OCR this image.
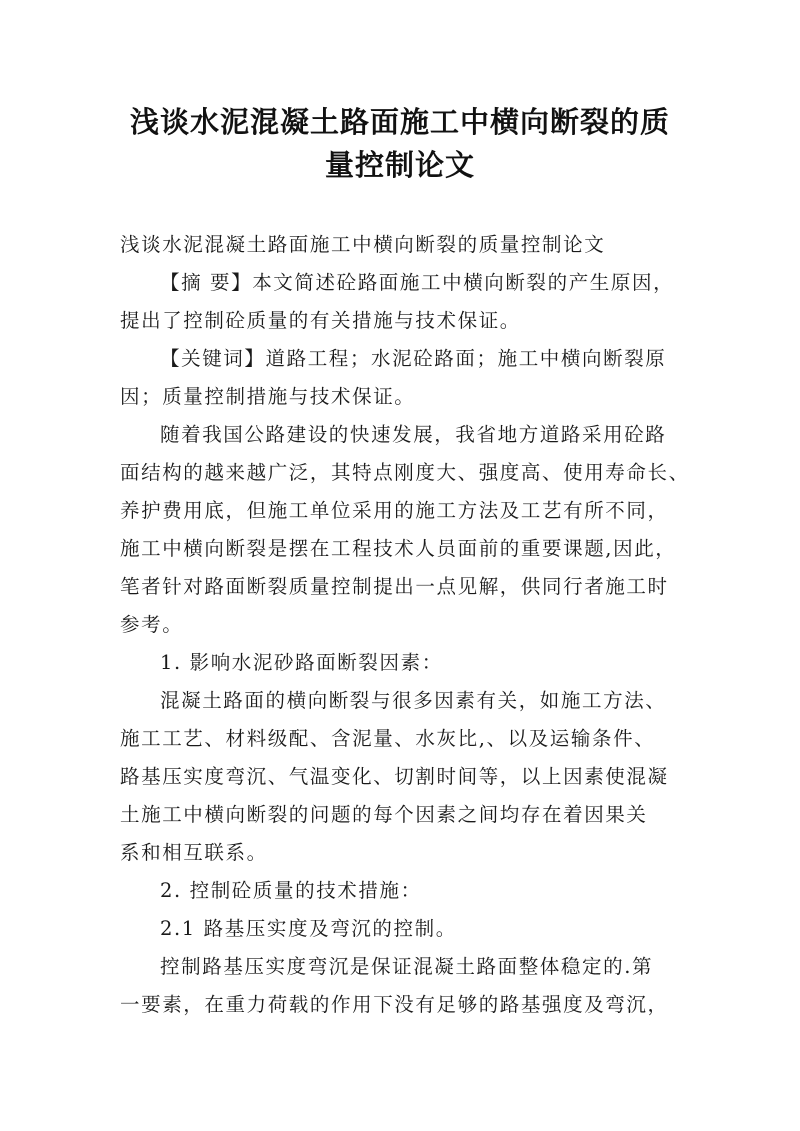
浅谈水泥混凝土路面施工中横向断裂的质
量控制论文

浅谈水泥混凝土路面施工中横向断裂的质量控制论文

【摘 要】本文简述砼路面施工中横向断裂的产生原因，

提出了控制砼质量的有关措施与技术保证。

【关键词】道路工程；水泥砼路面；施工中横向断裂原

因；质量控制措施与技术保证。

随着我国公路建设的快速发展，我省地方道路采用砼路

面结构的越来越广泛，其特点刚度大、强度高、使用寿命长、

养护费用底，但施工单位采用的施工方法及工艺有所不同，

施工中横向断裂是摆在工程技术人员面前的重要课题,因此，

笔者针对路面断裂质量控制提出一点见解，供同行者施工时

参考。

1. 影响水泥砂路面断裂因素：

混凝土路面的横向断裂与很多因素有关，如施工方法、

施工工艺、材料级配、含泥量、水灰比,、以及运输条件、

路基压实度弯沉、气温变化、切割时间等，以上因素使混凝

土施工中横向断裂的问题的每个因素之间均存在着因果关

系和相互联系。

2. 控制砼质量的技术措施：

2.1 路基压实度及弯沉的控制。

控制路基压实度弯沉是保证混凝土路面整体稳定的.第

一要素，在重力荷载的作用下没有足够的路基强度及弯沉，
